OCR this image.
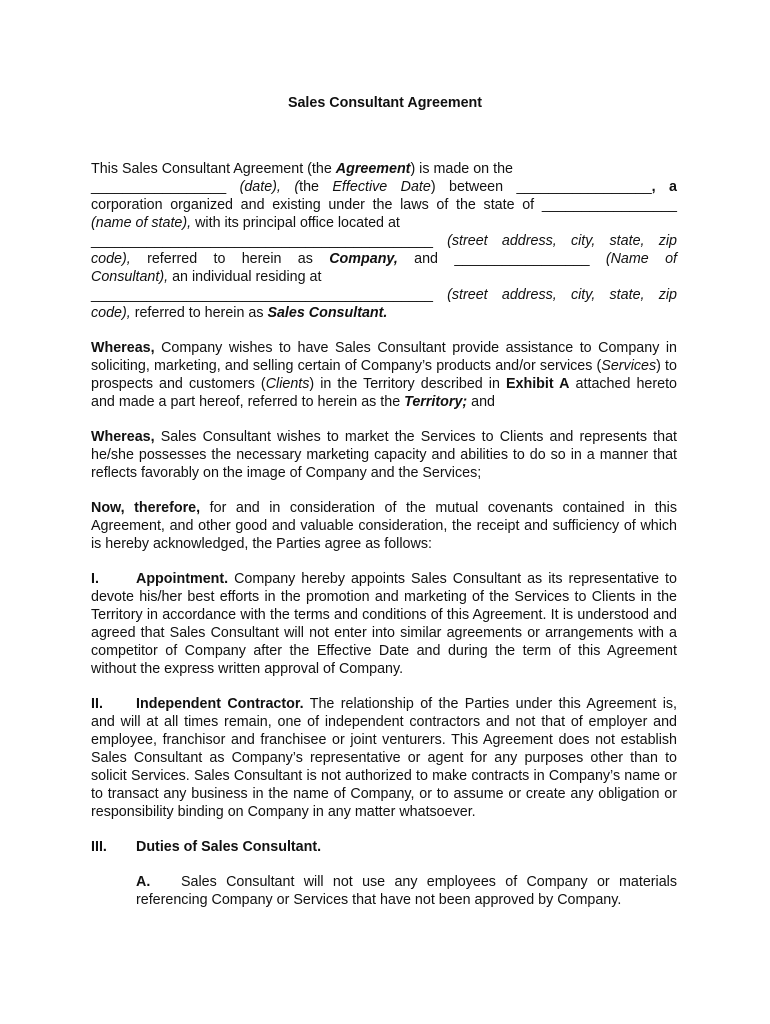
Sales Consultant Agreement

This Sales Consultant Agreement (the Agreement) is made on the
_________________ (date), (the Effective Date) between _________________, a
corporation organized and existing under the laws of the state of _________________
(name of state), with its principal office located at
___________________________________________ (street address, city, state, zip
code), referred to herein as Company, and _________________ (Name of
Consultant), an individual residing at
___________________________________________ (street address, city, state, zip
code), referred to herein as Sales Consultant.

Whereas, Company wishes to have Sales Consultant provide assistance to Company in soliciting, marketing, and selling certain of Company’s products and/or services (Services) to prospects and customers (Clients) in the Territory described in Exhibit A attached hereto and made a part hereof, referred to herein as the Territory; and

Whereas, Sales Consultant wishes to market the Services to Clients and represents that he/she possesses the necessary marketing capacity and abilities to do so in a manner that reflects favorably on the image of Company and the Services;

Now, therefore, for and in consideration of the mutual covenants contained in this Agreement, and other good and valuable consideration, the receipt and sufficiency of which is hereby acknowledged, the Parties agree as follows:

I.	Appointment. Company hereby appoints Sales Consultant as its representative to devote his/her best efforts in the promotion and marketing of the Services to Clients in the Territory in accordance with the terms and conditions of this Agreement. It is understood and agreed that Sales Consultant will not enter into similar agreements or arrangements with a competitor of Company after the Effective Date and during the term of this Agreement without the express written approval of Company.

II. Independent Contractor. The relationship of the Parties under this Agreement is, and will at all times remain, one of independent contractors and not that of employer and employee, franchisor and franchisee or joint venturers. This Agreement does not establish Sales Consultant as Company’s representative or agent for any purposes other than to solicit Services. Sales Consultant is not authorized to make contracts in Company’s name or to transact any business in the name of Company, or to assume or create any obligation or responsibility binding on Company in any matter whatsoever.

III. Duties of Sales Consultant.

A. Sales Consultant will not use any employees of Company or materials referencing Company or Services that have not been approved by Company.
